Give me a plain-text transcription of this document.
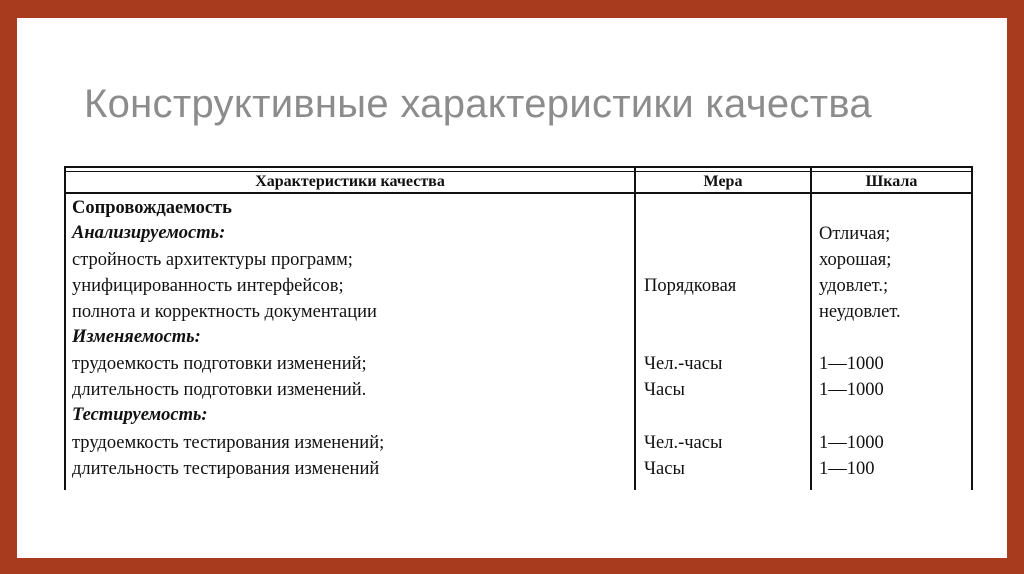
Конструктивные характеристики качества
Характеристики качества	Мера	Шкала
Сопровождаемость
Анализируемость:
стройность архитектуры программ;
унифицированность интерфейсов;
полнота и корректность документации
Изменяемость:
трудоемкость подготовки изменений;
длительность подготовки изменений.
Тестируемость:
трудоемкость тестирования изменений;
длительность тестирования изменений
Порядковая
Чел.-часы
Часы
Чел.-часы
Часы
Отличая;
хорошая;
удовлет.;
неудовлет.
1—1000
1—1000
1—1000
1—100
